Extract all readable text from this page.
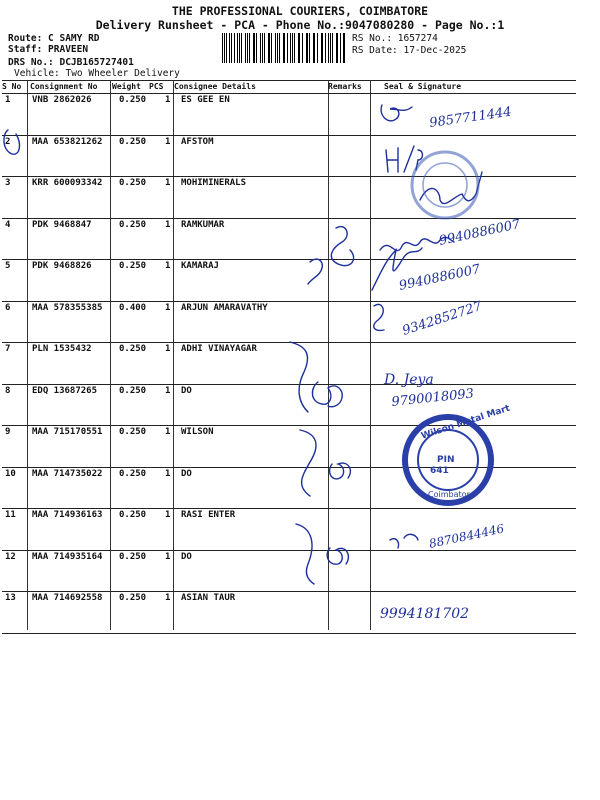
THE PROFESSIONAL COURIERS, COIMBATORE
Delivery Runsheet - PCA - Phone No.:9047080280 - Page No.:1
Route: C SAMY RD
Staff: PRAVEEN
DRS No.: DCJB165727401
Vehicle: Two Wheeler Delivery
RS No.: 1657274
RS Date: 17-Dec-2025
S No Consignment No Weight PCS Consignee Details	Remarks	Seal & Signature
1 VNB 2862026	0.250 1 ES GEE EN
2 MAA 653821262 0.250 1 AFSTOM
3 KRR 600093342 0.250 1 MOHIMINERALS
4 PDK 9468847	0.250 1 RAMKUMAR
5 PDK 9468826	0.250 1 KAMARAJ
6 MAA 578355385 0.400 1 ARJUN AMARAVATHY
7 PLN 1535432	0.250 1 ADHI VINAYAGAR
8 EDQ 13687265 0.250 1 DO
9 MAA 715170551 0.250 1 WILSON
10 MAA 714735022 0.250 1 DO
11 MAA 714936163 0.250 1 RASI ENTER
12 MAA 714935164 0.250 1 DO
13 MAA 714692558 0.250 1 ASIAN TAUR
Wilson Metal Mart
PIN
641
Coimbatore
9857711444
9940886007
9940886007
9342852727
D. Jeya
9790018093
8870844446
9994181702
